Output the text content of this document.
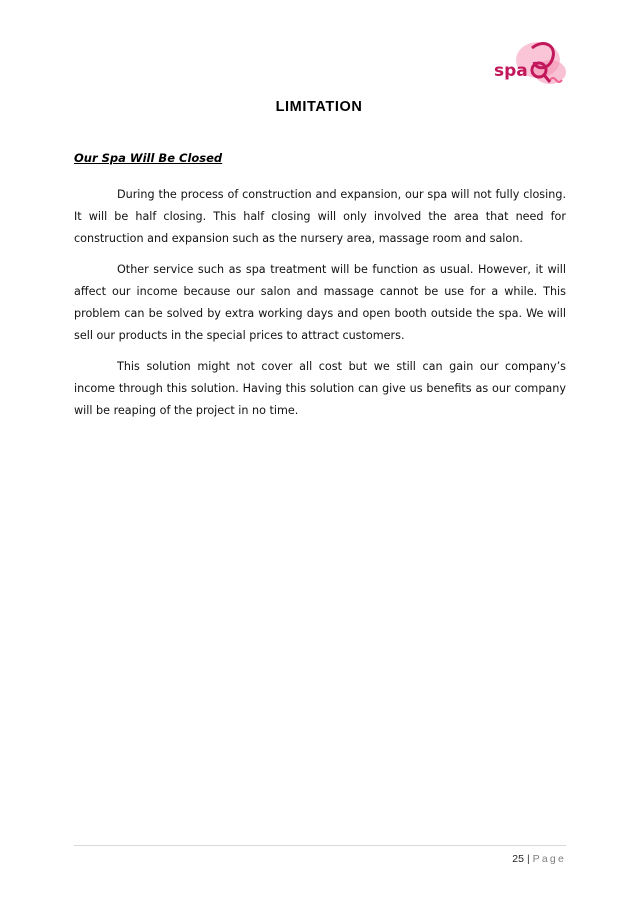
spa
LIMITATION
Our Spa Will Be Closed

During the process of construction and expansion, our spa will not fully closing. It will be half closing. This half closing will only involved the area that need for construction and expansion such as the nursery area, massage room and salon.

Other service such as spa treatment will be function as usual. However, it will affect our income because our salon and massage cannot be use for a while. This problem can be solved by extra working days and open booth outside the spa. We will sell our products in the special prices to attract customers.

This solution might not cover all cost but we still can gain our company’s income through this solution. Having this solution can give us benefits as our company will be reaping of the project in no time.

25 | Page
